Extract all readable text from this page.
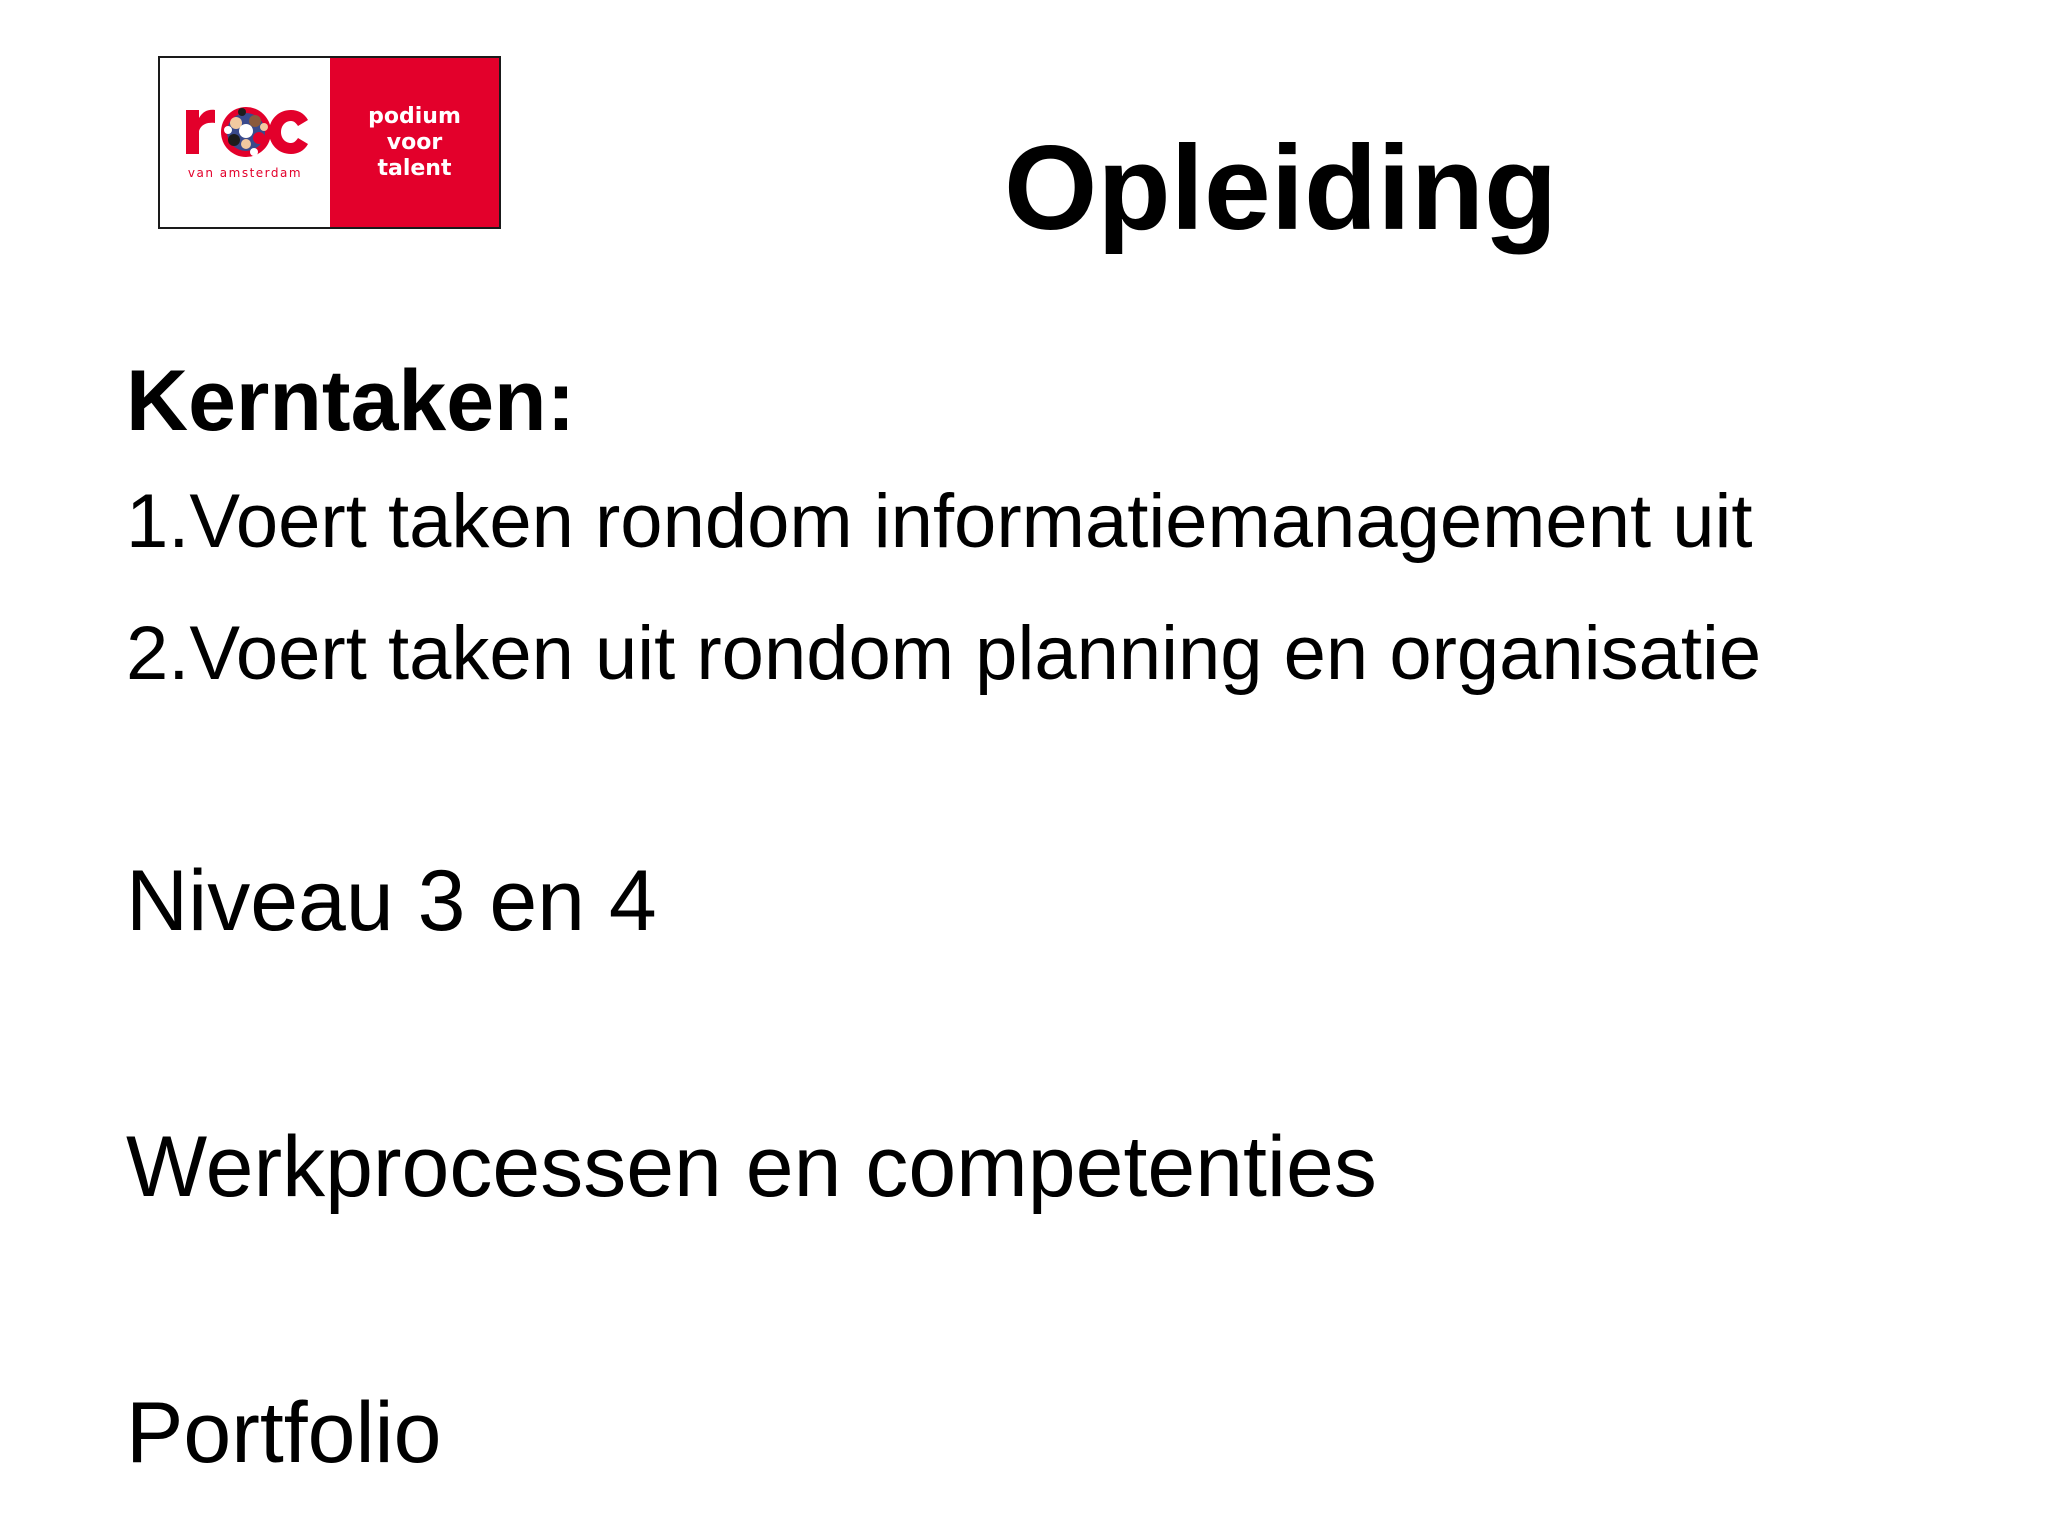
van amsterdam
podium
voor
talent	Opleiding
Kerntaken:

1.Voert taken rondom informatiemanagement uit

2.Voert taken uit rondom planning en organisatie

Niveau 3 en 4

Werkprocessen en competenties

Portfolio
